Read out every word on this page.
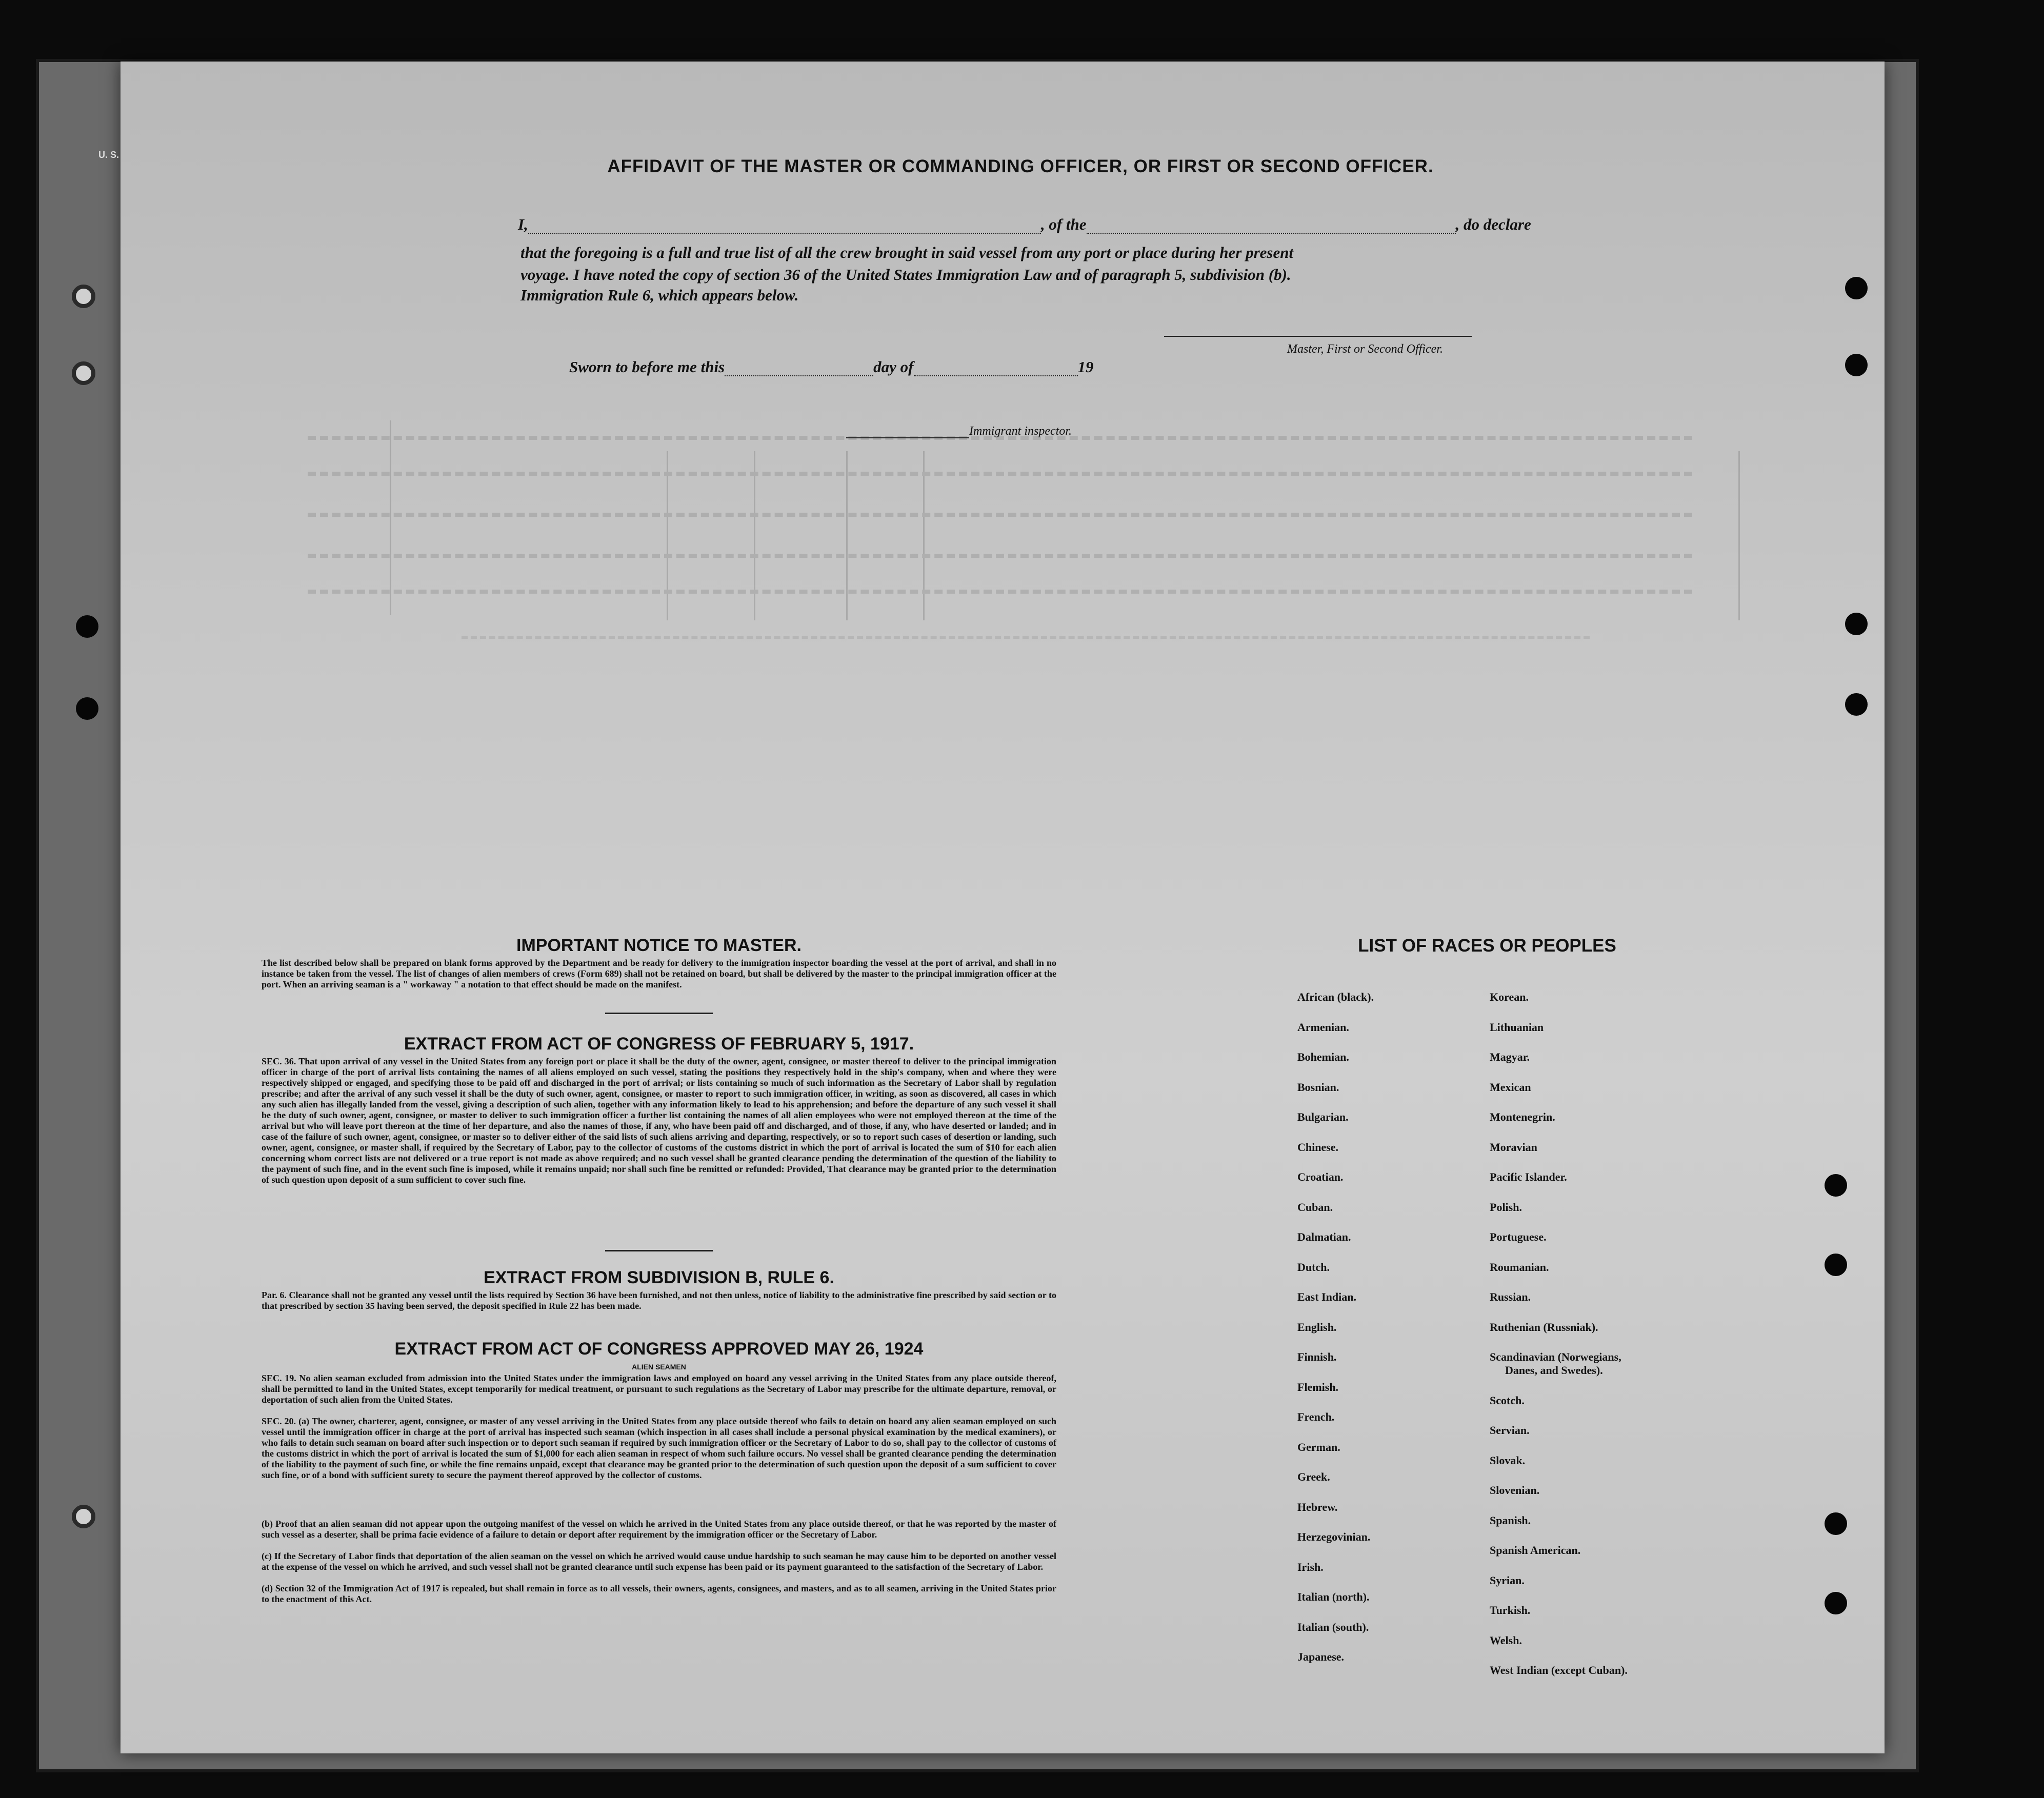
U. S.
AFFIDAVIT OF THE MASTER OR COMMANDING OFFICER, OR FIRST OR SECOND OFFICER.
I,	, of the	, do declare
that the foregoing is a full and true list of all the crew brought in said vessel from any port or place during her present
voyage. I have noted the copy of section 36 of the United States Immigration Law and of paragraph 5, subdivision (b).
Immigration Rule 6, which appears below.
Master, First or Second Officer.
Sworn to before me this	day of	19
Immigrant inspector.
IMPORTANT NOTICE TO MASTER.
The list described below shall be prepared on blank forms approved by the Department and be ready for delivery to the immigration inspector boarding the vessel at the port of arrival, and shall in no instance be taken from the vessel. The list of changes of alien members of crews (Form 689) shall not be retained on board, but shall be delivered by the master to the principal immigration officer at the port. When an arriving seaman is a " workaway " a notation to that effect should be made on the manifest.
EXTRACT FROM ACT OF CONGRESS OF FEBRUARY 5, 1917.
SEC. 36. That upon arrival of any vessel in the United States from any foreign port or place it shall be the duty of the owner, agent, consignee, or master thereof to deliver to the principal immigration officer in charge of the port of arrival lists containing the names of all aliens employed on such vessel, stating the positions they respectively hold in the ship's company, when and where they were respectively shipped or engaged, and specifying those to be paid off and discharged in the port of arrival; or lists containing so much of such information as the Secretary of Labor shall by regulation prescribe; and after the arrival of any such vessel it shall be the duty of such owner, agent, consignee, or master to report to such immigration officer, in writing, as soon as discovered, all cases in which any such alien has illegally landed from the vessel, giving a description of such alien, together with any information likely to lead to his apprehension; and before the departure of any such vessel it shall be the duty of such owner, agent, consignee, or master to deliver to such immigration officer a further list containing the names of all alien employees who were not employed thereon at the time of the arrival but who will leave port thereon at the time of her departure, and also the names of those, if any, who have been paid off and discharged, and of those, if any, who have deserted or landed; and in case of the failure of such owner, agent, consignee, or master so to deliver either of the said lists of such aliens arriving and departing, respectively, or so to report such cases of desertion or landing, such owner, agent, consignee, or master shall, if required by the Secretary of Labor, pay to the collector of customs of the customs district in which the port of arrival is located the sum of $10 for each alien concerning whom correct lists are not delivered or a true report is not made as above required; and no such vessel shall be granted clearance pending the determination of the question of the liability to the payment of such fine, and in the event such fine is imposed, while it remains unpaid; nor shall such fine be remitted or refunded: Provided, That clearance may be granted prior to the determination of such question upon deposit of a sum sufficient to cover such fine.
EXTRACT FROM SUBDIVISION B, RULE 6.
Par. 6. Clearance shall not be granted any vessel until the lists required by Section 36 have been furnished, and not then unless, notice of liability to the administrative fine prescribed by said section or to that prescribed by section 35 having been served, the deposit specified in Rule 22 has been made.
EXTRACT FROM ACT OF CONGRESS APPROVED MAY 26, 1924
ALIEN SEAMEN
SEC. 19. No alien seaman excluded from admission into the United States under the immigration laws and employed on board any vessel arriving in the United States from any place outside thereof, shall be permitted to land in the United States, except temporarily for medical treatment, or pursuant to such regulations as the Secretary of Labor may prescribe for the ultimate departure, removal, or deportation of such alien from the United States.
SEC. 20. (a) The owner, charterer, agent, consignee, or master of any vessel arriving in the United States from any place outside thereof who fails to detain on board any alien seaman employed on such vessel until the immigration officer in charge at the port of arrival has inspected such seaman (which inspection in all cases shall include a personal physical examination by the medical examiners), or who fails to detain such seaman on board after such inspection or to deport such seaman if required by such immigration officer or the Secretary of Labor to do so, shall pay to the collector of customs of the customs district in which the port of arrival is located the sum of $1,000 for each alien seaman in respect of whom such failure occurs. No vessel shall be granted clearance pending the determination of the liability to the payment of such fine, or while the fine remains unpaid, except that clearance may be granted prior to the determination of such question upon the deposit of a sum sufficient to cover such fine, or of a bond with sufficient surety to secure the payment thereof approved by the collector of customs.
(b) Proof that an alien seaman did not appear upon the outgoing manifest of the vessel on which he arrived in the United States from any place outside thereof, or that he was reported by the master of such vessel as a deserter, shall be prima facie evidence of a failure to detain or deport after requirement by the immigration officer or the Secretary of Labor.
(c) If the Secretary of Labor finds that deportation of the alien seaman on the vessel on which he arrived would cause undue hardship to such seaman he may cause him to be deported on another vessel at the expense of the vessel on which he arrived, and such vessel shall not be granted clearance until such expense has been paid or its payment guaranteed to the satisfaction of the Secretary of Labor.
(d) Section 32 of the Immigration Act of 1917 is repealed, but shall remain in force as to all vessels, their owners, agents, consignees, and masters, and as to all seamen, arriving in the United States prior to the enactment of this Act.
LIST OF RACES OR PEOPLES
African (black).
Armenian.
Bohemian.
Bosnian.
Bulgarian.
Chinese.
Croatian.
Cuban.
Dalmatian.
Dutch.
East Indian.
English.
Finnish.
Flemish.
French.
German.
Greek.
Hebrew.
Herzegovinian.
Irish.
Italian (north).
Italian (south).
Japanese.
Korean.
Lithuanian
Magyar.
Mexican
Montenegrin.
Moravian
Pacific Islander.
Polish.
Portuguese.
Roumanian.
Russian.
Ruthenian (Russniak).
Scandinavian (Norwegians,
Danes, and Swedes).
Scotch.
Servian.
Slovak.
Slovenian.
Spanish.
Spanish American.
Syrian.
Turkish.
Welsh.
West Indian (except Cuban).
